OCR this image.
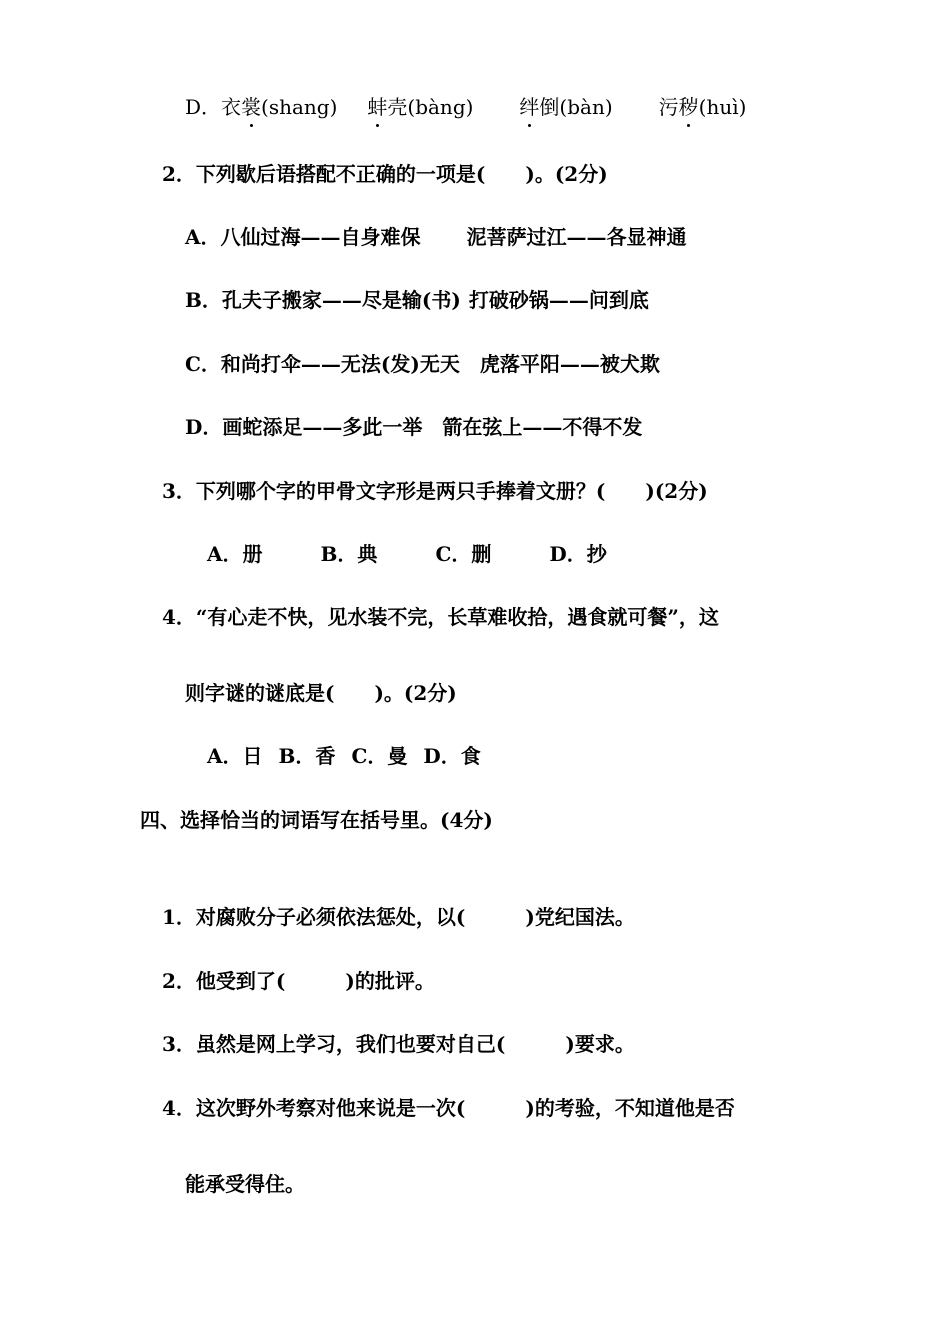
D．衣裳(shang) 蚌壳(bàng) 绊倒(bàn) 污秽(huì)
2．下列歇后语搭配不正确的一项是(　　)。(2分)
A．八仙过海——自身难保 泥菩萨过江——各显神通
B．孔夫子搬家——尽是输(书) 打破砂锅——问到底
C．和尚打伞——无法(发)无天 虎落平阳——被犬欺
D．画蛇添足——多此一举 箭在弦上——不得不发
3．下列哪个字的甲骨文字形是两只手捧着文册？(　　)(2分)
A．册	B．典	C．删	D．抄
4．“有心走不快，见水装不完，长草难收拾，遇食就可餐”，这
则字谜的谜底是(　　)。(2分)
A．日 B．香 C．曼 D．食
四、选择恰当的词语写在括号里。(4分)
1．对腐败分子必须依法惩处，以(　　　)党纪国法。
2．他受到了(　　　)的批评。
3．虽然是网上学习，我们也要对自己(　　　)要求。
4．这次野外考察对他来说是一次(　　　)的考验，不知道他是否
能承受得住。
